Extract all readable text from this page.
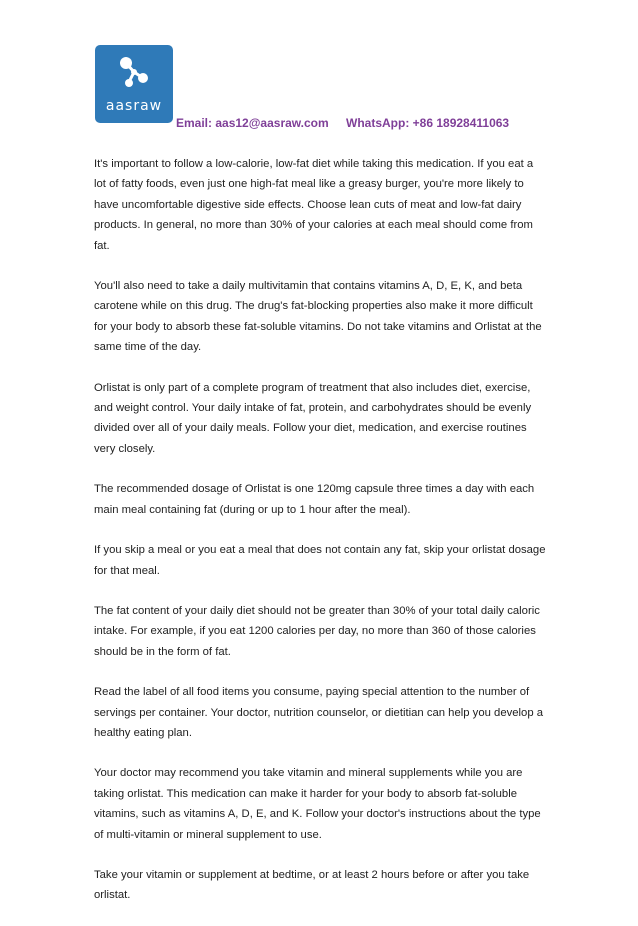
aasraw
Email: aas12@aasraw.com WhatsApp: +86 18928411063

It's important to follow a low-calorie, low-fat diet while taking this medication. If you eat a lot of fatty foods, even just one high-fat meal like a greasy burger, you're more likely to have uncomfortable digestive side effects. Choose lean cuts of meat and low-fat dairy products. In general, no more than 30% of your calories at each meal should come from fat.

You'll also need to take a daily multivitamin that contains vitamins A, D, E, K, and beta carotene while on this drug. The drug's fat-blocking properties also make it more difficult for your body to absorb these fat-soluble vitamins. Do not take vitamins and Orlistat at the same time of the day.

Orlistat is only part of a complete program of treatment that also includes diet, exercise, and weight control. Your daily intake of fat, protein, and carbohydrates should be evenly divided over all of your daily meals. Follow your diet, medication, and exercise routines very closely.

The recommended dosage of Orlistat is one 120mg capsule three times a day with each main meal containing fat (during or up to 1 hour after the meal).

If you skip a meal or you eat a meal that does not contain any fat, skip your orlistat dosage for that meal.

The fat content of your daily diet should not be greater than 30% of your total daily caloric intake. For example, if you eat 1200 calories per day, no more than 360 of those calories should be in the form of fat.

Read the label of all food items you consume, paying special attention to the number of servings per container. Your doctor, nutrition counselor, or dietitian can help you develop a healthy eating plan.

Your doctor may recommend you take vitamin and mineral supplements while you are taking orlistat. This medication can make it harder for your body to absorb fat-soluble vitamins, such as vitamins A, D, E, and K. Follow your doctor's instructions about the type of multi-vitamin or mineral supplement to use.

Take your vitamin or supplement at bedtime, or at least 2 hours before or after you take orlistat.
